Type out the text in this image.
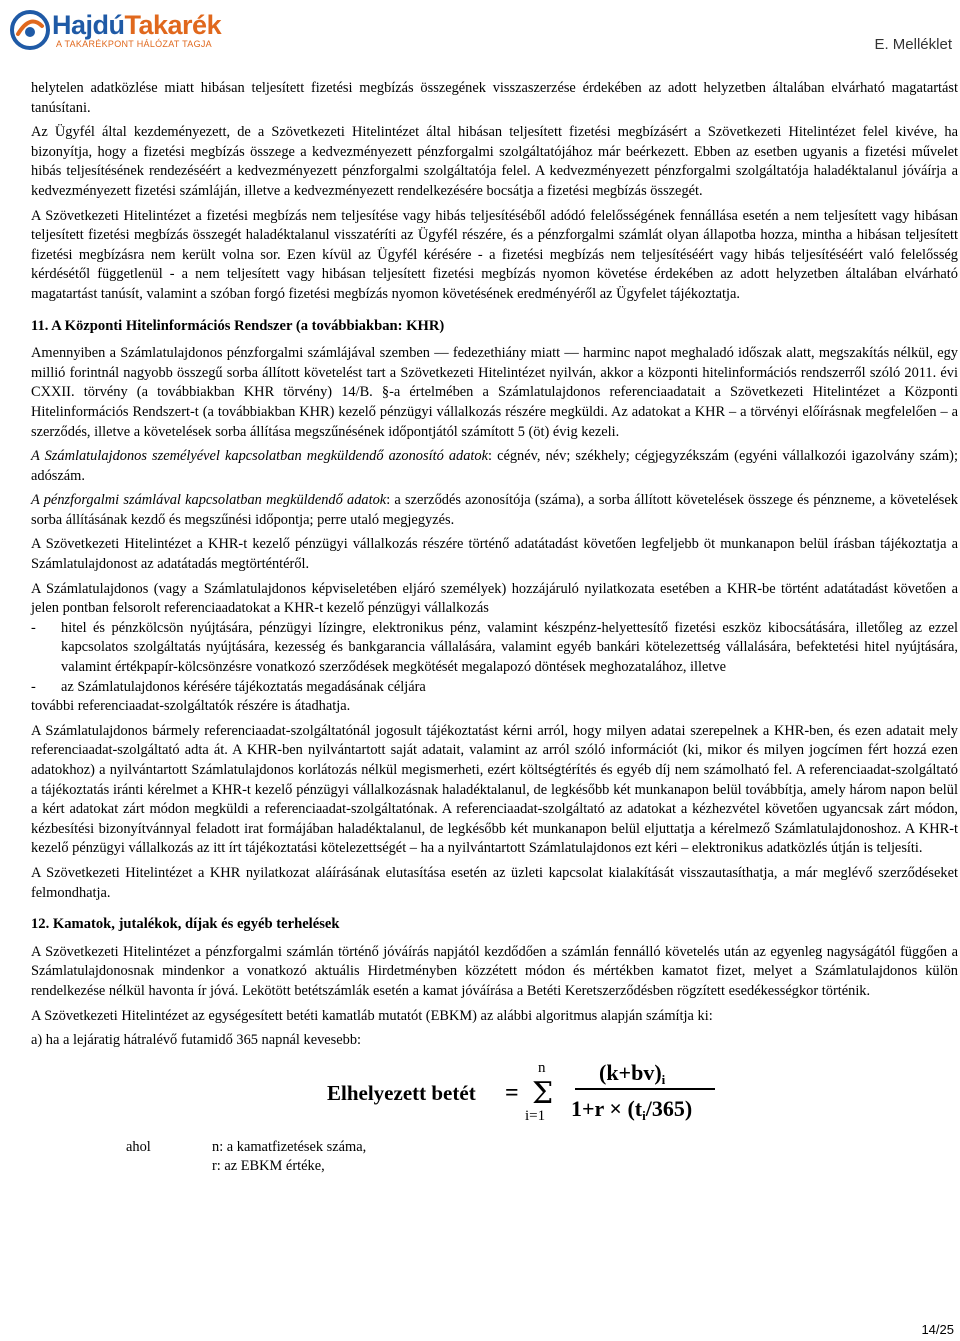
HajdúTakarék
A TAKARÉKPONT HÁLÓZAT TAGJA	E. Melléklet

helytelen adatközlése miatt hibásan teljesített fizetési megbízás összegének visszaszerzése érdekében az adott helyzetben általában elvárható magatartást tanúsítani.

Az Ügyfél által kezdeményezett, de a Szövetkezeti Hitelintézet által hibásan teljesített fizetési megbízásért a Szövetkezeti Hitelintézet felel kivéve, ha bizonyítja, hogy a fizetési megbízás összege a kedvezményezett pénzforgalmi szolgáltatójához már beérkezett. Ebben az esetben ugyanis a fizetési művelet hibás teljesítésének rendezéséért a kedvezményezett pénzforgalmi szolgáltatója felel. A kedvezményezett pénzforgalmi szolgáltatója haladéktalanul jóváírja a kedvezményezett fizetési számláján, illetve a kedvezményezett rendelkezésére bocsátja a fizetési megbízás összegét.

A Szövetkezeti Hitelintézet a fizetési megbízás nem teljesítése vagy hibás teljesítéséből adódó felelősségének fennállása esetén a nem teljesített vagy hibásan teljesített fizetési megbízás összegét haladéktalanul visszatéríti az Ügyfél részére, és a pénzforgalmi számlát olyan állapotba hozza, mintha a hibásan teljesített fizetési megbízásra nem került volna sor. Ezen kívül az Ügyfél kérésére - a fizetési megbízás nem teljesítéséért vagy hibás teljesítéséért való felelősség kérdésétől függetlenül - a nem teljesített vagy hibásan teljesített fizetési megbízás nyomon követése érdekében az adott helyzetben általában elvárható magatartást tanúsít, valamint a szóban forgó fizetési megbízás nyomon követésének eredményéről az Ügyfelet tájékoztatja.

11. A Központi Hitelinformációs Rendszer (a továbbiakban: KHR)

Amennyiben a Számlatulajdonos pénzforgalmi számlájával szemben — fedezethiány miatt — harminc napot meghaladó időszak alatt, megszakítás nélkül, egy millió forintnál nagyobb összegű sorba állított követelést tart a Szövetkezeti Hitelintézet nyilván, akkor a központi hitelinformációs rendszerről szóló 2011. évi CXXII. törvény (a továbbiakban KHR törvény) 14/B. §-a értelmében a Számlatulajdonos referenciaadatait a Szövetkezeti Hitelintézet a Központi Hitelinformációs Rendszert-t (a továbbiakban KHR) kezelő pénzügyi vállalkozás részére megküldi. Az adatokat a KHR – a törvényi előírásnak megfelelően – a szerződés, illetve a követelések sorba állítása megszűnésének időpontjától számított 5 (öt) évig kezeli.

A Számlatulajdonos személyével kapcsolatban megküldendő azonosító adatok: cégnév, név; székhely; cégjegyzékszám (egyéni vállalkozói igazolvány szám); adószám.

A pénzforgalmi számlával kapcsolatban megküldendő adatok: a szerződés azonosítója (száma), a sorba állított követelések összege és pénzneme, a követelések sorba állításának kezdő és megszűnési időpontja; perre utaló megjegyzés.

A Szövetkezeti Hitelintézet a KHR-t kezelő pénzügyi vállalkozás részére történő adatátadást követően legfeljebb öt munkanapon belül írásban tájékoztatja a Számlatulajdonost az adatátadás megtörténtéről.

A Számlatulajdonos (vagy a Számlatulajdonos képviseletében eljáró személyek) hozzájáruló nyilatkozata esetében a KHR-be történt adatátadást követően a jelen pontban felsorolt referenciaadatokat a KHR-t kezelő pénzügyi vállalkozás

-	hitel és pénzkölcsön nyújtására, pénzügyi lízingre, elektronikus pénz, valamint készpénz-helyettesítő fizetési eszköz kibocsátására, illetőleg az ezzel kapcsolatos szolgáltatás nyújtására, kezesség és bankgarancia vállalására, valamint egyéb bankári kötelezettség vállalására, befektetési hitel nyújtására, valamint értékpapír-kölcsönzésre vonatkozó szerződések megkötését megalapozó döntések meghozatalához, illetve
-	az Számlatulajdonos kérésére tájékoztatás megadásának céljára

további referenciaadat-szolgáltatók részére is átadhatja.

A Számlatulajdonos bármely referenciaadat-szolgáltatónál jogosult tájékoztatást kérni arról, hogy milyen adatai szerepelnek a KHR-ben, és ezen adatait mely referenciaadat-szolgáltató adta át. A KHR-ben nyilvántartott saját adatait, valamint az arról szóló információt (ki, mikor és milyen jogcímen fért hozzá ezen adatokhoz) a nyilvántartott Számlatulajdonos korlátozás nélkül megismerheti, ezért költségtérítés és egyéb díj nem számolható fel. A referenciaadat-szolgáltató a tájékoztatás iránti kérelmet a KHR-t kezelő pénzügyi vállalkozásnak haladéktalanul, de legkésőbb két munkanapon belül továbbítja, amely három napon belül a kért adatokat zárt módon megküldi a referenciaadat-szolgáltatónak. A referenciaadat-szolgáltató az adatokat a kézhezvétel követően ugyancsak zárt módon, kézbesítési bizonyítvánnyal feladott irat formájában haladéktalanul, de legkésőbb két munkanapon belül eljuttatja a kérelmező Számlatulajdonoshoz. A KHR-t kezelő pénzügyi vállalkozás az itt írt tájékoztatási kötelezettségét – ha a nyilvántartott Számlatulajdonos ezt kéri – elektronikus adatközlés útján is teljesíti.

A Szövetkezeti Hitelintézet a KHR nyilatkozat aláírásának elutasítása esetén az üzleti kapcsolat kialakítását visszautasíthatja, a már meglévő szerződéseket felmondhatja.

12. Kamatok, jutalékok, díjak és egyéb terhelések

A Szövetkezeti Hitelintézet a pénzforgalmi számlán történő jóváírás napjától kezdődően a számlán fennálló követelés után az egyenleg nagyságától függően a Számlatulajdonosnak mindenkor a vonatkozó aktuális Hirdetményben közzétett módon és mértékben kamatot fizet, melyet a Számlatulajdonos külön rendelkezése nélkül havonta ír jóvá. Lekötött betétszámlák esetén a kamat jóváírása a Betéti Keretszerződésben rögzített esedékességkor történik.

A Szövetkezeti Hitelintézet az egységesített betéti kamatláb mutatót (EBKM) az alábbi algoritmus alapján számítja ki:

a) ha a lejáratig hátralévő futamidő 365 napnál kevesebb:

Elhelyezett betét =
n
Σ
i=1
(k+bv)i
1+r × (ti/365)
ahol	n: a kamatfizetések száma,
r: az EBKM értéke,
14/25
